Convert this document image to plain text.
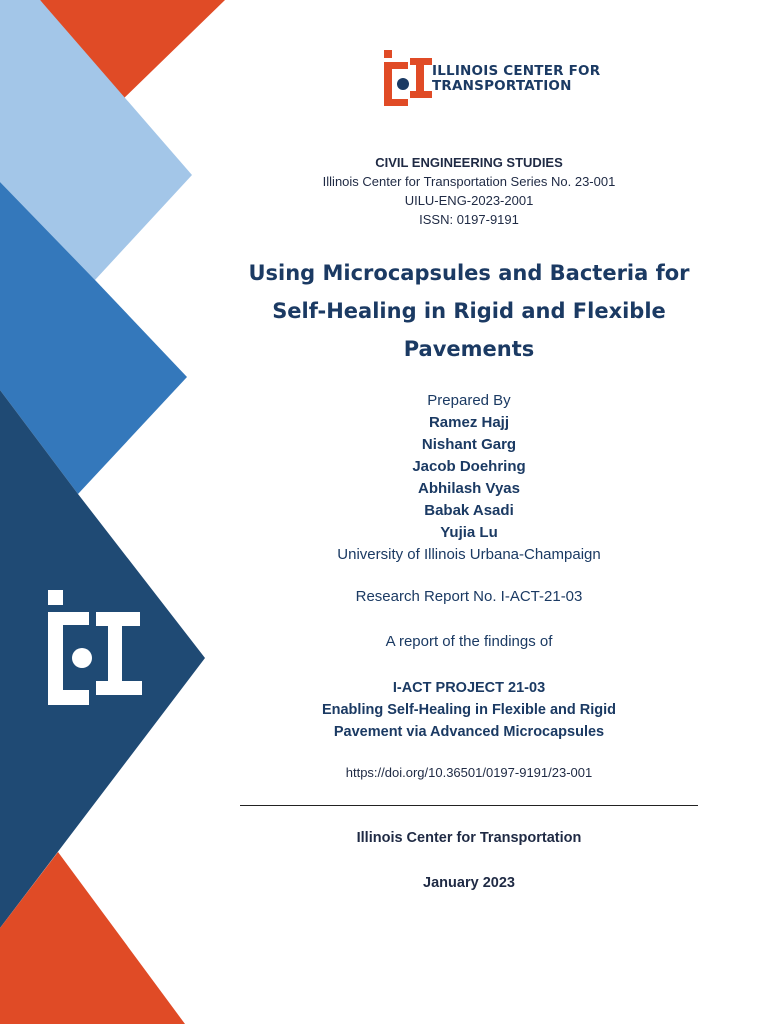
ILLINOIS CENTER FOR
TRANSPORTATION
CIVIL ENGINEERING STUDIES
Illinois Center for Transportation Series No. 23-001
UILU-ENG-2023-2001
ISSN: 0197-9191
Using Microcapsules and Bacteria for
Self-Healing in Rigid and Flexible
Pavements
Prepared By
Ramez Hajj
Nishant Garg
Jacob Doehring
Abhilash Vyas
Babak Asadi
Yujia Lu
University of Illinois Urbana-Champaign
Research Report No. I-ACT-21-03
A report of the findings of
I-ACT PROJECT 21-03
Enabling Self-Healing in Flexible and Rigid
Pavement via Advanced Microcapsules
https://doi.org/10.36501/0197-9191/23-001
Illinois Center for Transportation
January 2023
